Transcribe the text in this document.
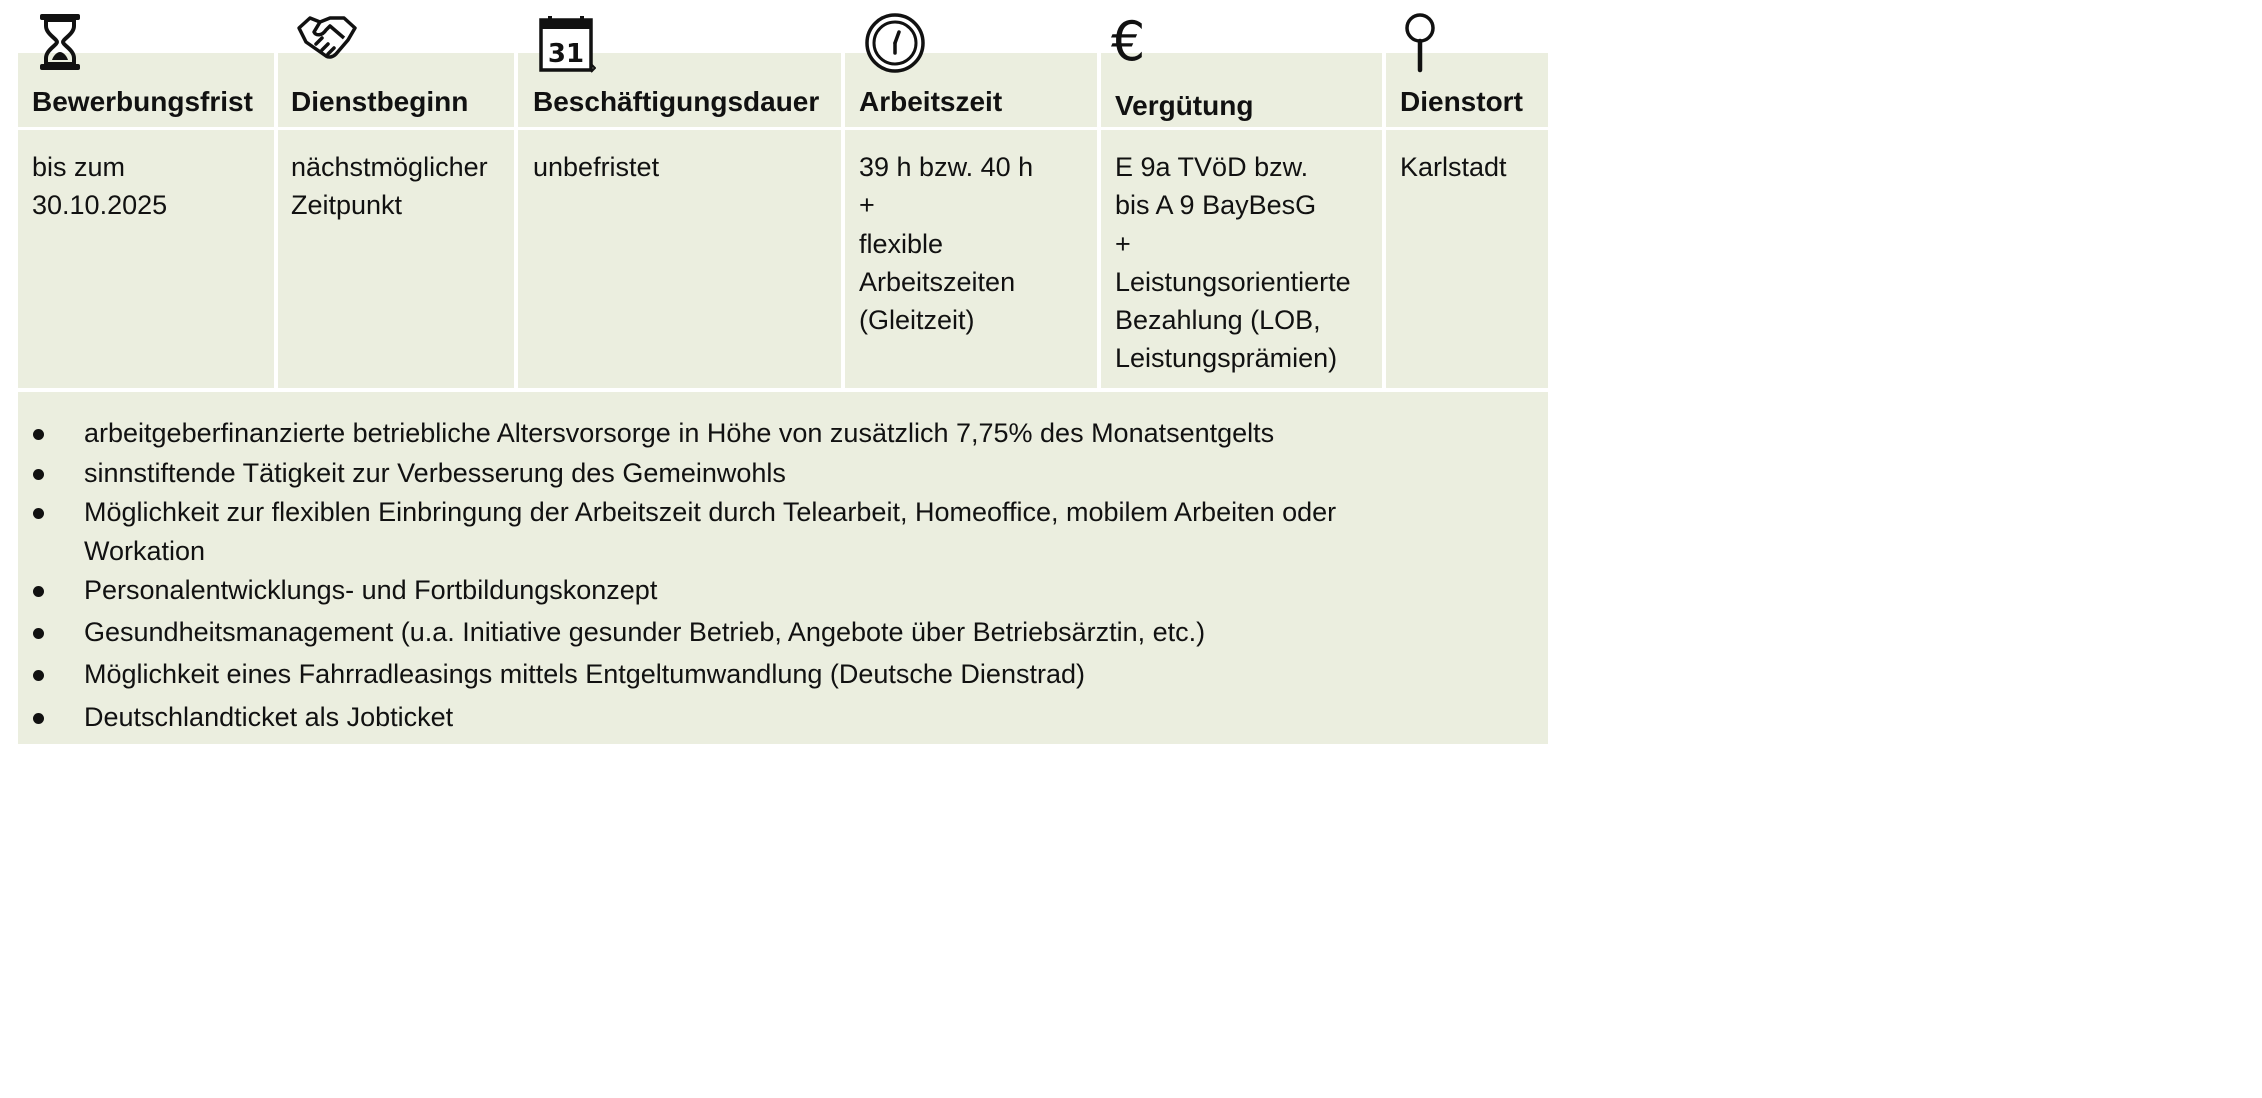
Bewerbungsfrist
bis zum
30.10.2025
Dienstbeginn
nächstmöglicher
Zeitpunkt
31
Beschäftigungsdauer
unbefristet
Arbeitszeit
39 h bzw. 40 h
+
flexible
Arbeitszeiten
(Gleitzeit)
€
Vergütung
E 9a TVöD bzw.
bis A 9 BayBesG
+
Leistungsorientierte
Bezahlung (LOB,
Leistungsprämien)
Dienstort
Karlstadt
arbeitgeberfinanzierte betriebliche Altersvorsorge in Höhe von zusätzlich 7,75% des Monatsentgelts
sinnstiftende Tätigkeit zur Verbesserung des Gemeinwohls
Möglichkeit zur flexiblen Einbringung der Arbeitszeit durch Telearbeit, Homeoffice, mobilem Arbeiten oder
Workation
Personalentwicklungs- und Fortbildungskonzept
Gesundheitsmanagement (u.a. Initiative gesunder Betrieb, Angebote über Betriebsärztin, etc.)
Möglichkeit eines Fahrradleasings mittels Entgeltumwandlung (Deutsche Dienstrad)
Deutschlandticket als Jobticket
